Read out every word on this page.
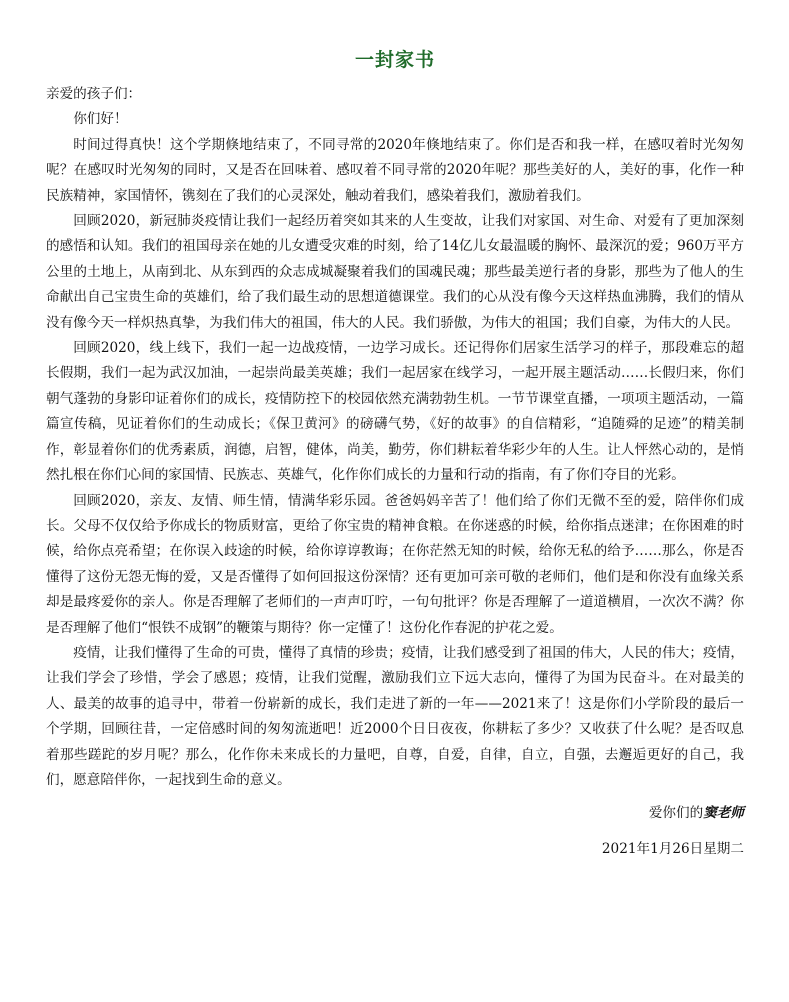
一封家书

亲爱的孩子们：

你们好！

时间过得真快！这个学期倏地结束了，不同寻常的2020年倏地结束了。你们是否和我一样，在感叹着时光匆匆呢？在感叹时光匆匆的同时，又是否在回味着、感叹着不同寻常的2020年呢？那些美好的人，美好的事，化作一种民族精神，家国情怀，镌刻在了我们的心灵深处，触动着我们，感染着我们，激励着我们。

回顾2020，新冠肺炎疫情让我们一起经历着突如其来的人生变故，让我们对家国、对生命、对爱有了更加深刻的感悟和认知。我们的祖国母亲在她的儿女遭受灾难的时刻，给了14亿儿女最温暖的胸怀、最深沉的爱；960万平方公里的土地上，从南到北、从东到西的众志成城凝聚着我们的国魂民魂；那些最美逆行者的身影，那些为了他人的生命献出自己宝贵生命的英雄们，给了我们最生动的思想道德课堂。我们的心从没有像今天这样热血沸腾，我们的情从没有像今天一样炽热真挚，为我们伟大的祖国，伟大的人民。我们骄傲，为伟大的祖国；我们自豪，为伟大的人民。

回顾2020，线上线下，我们一起一边战疫情，一边学习成长。还记得你们居家生活学习的样子，那段难忘的超长假期，我们一起为武汉加油，一起崇尚最美英雄；我们一起居家在线学习，一起开展主题活动……长假归来，你们朝气蓬勃的身影印证着你们的成长，疫情防控下的校园依然充满勃勃生机。一节节课堂直播，一项项主题活动，一篇篇宣传稿，见证着你们的生动成长；《保卫黄河》的磅礴气势，《好的故事》的自信精彩，“追随舜的足迹”的精美制作，彰显着你们的优秀素质，润德，启智，健体，尚美，勤劳，你们耕耘着华彩少年的人生。让人怦然心动的，是悄然扎根在你们心间的家国情、民族志、英雄气，化作你们成长的力量和行动的指南，有了你们夺目的光彩。

回顾2020，亲友、友情、师生情，情满华彩乐园。爸爸妈妈辛苦了！他们给了你们无微不至的爱，陪伴你们成长。父母不仅仅给予你成长的物质财富，更给了你宝贵的精神食粮。在你迷惑的时候，给你指点迷津；在你困难的时候，给你点亮希望；在你误入歧途的时候，给你谆谆教诲；在你茫然无知的时候，给你无私的给予……那么，你是否懂得了这份无怨无悔的爱，又是否懂得了如何回报这份深情？还有更加可亲可敬的老师们，他们是和你没有血缘关系却是最疼爱你的亲人。你是否理解了老师们的一声声叮咛，一句句批评？你是否理解了一道道横眉，一次次不满？你是否理解了他们“恨铁不成钢”的鞭策与期待？你一定懂了！这份化作春泥的护花之爱。

疫情，让我们懂得了生命的可贵，懂得了真情的珍贵；疫情，让我们感受到了祖国的伟大，人民的伟大；疫情，让我们学会了珍惜，学会了感恩；疫情，让我们觉醒，激励我们立下远大志向，懂得了为国为民奋斗。在对最美的人、最美的故事的追寻中，带着一份崭新的成长，我们走进了新的一年——2021来了！这是你们小学阶段的最后一个学期，回顾往昔，一定倍感时间的匆匆流逝吧！近2000个日日夜夜，你耕耘了多少？又收获了什么呢？是否叹息着那些蹉跎的岁月呢？那么，化作你未来成长的力量吧，自尊，自爱，自律，自立，自强，去邂逅更好的自己，我们，愿意陪伴你，一起找到生命的意义。

爱你们的窦老师

2021年1月26日星期二
